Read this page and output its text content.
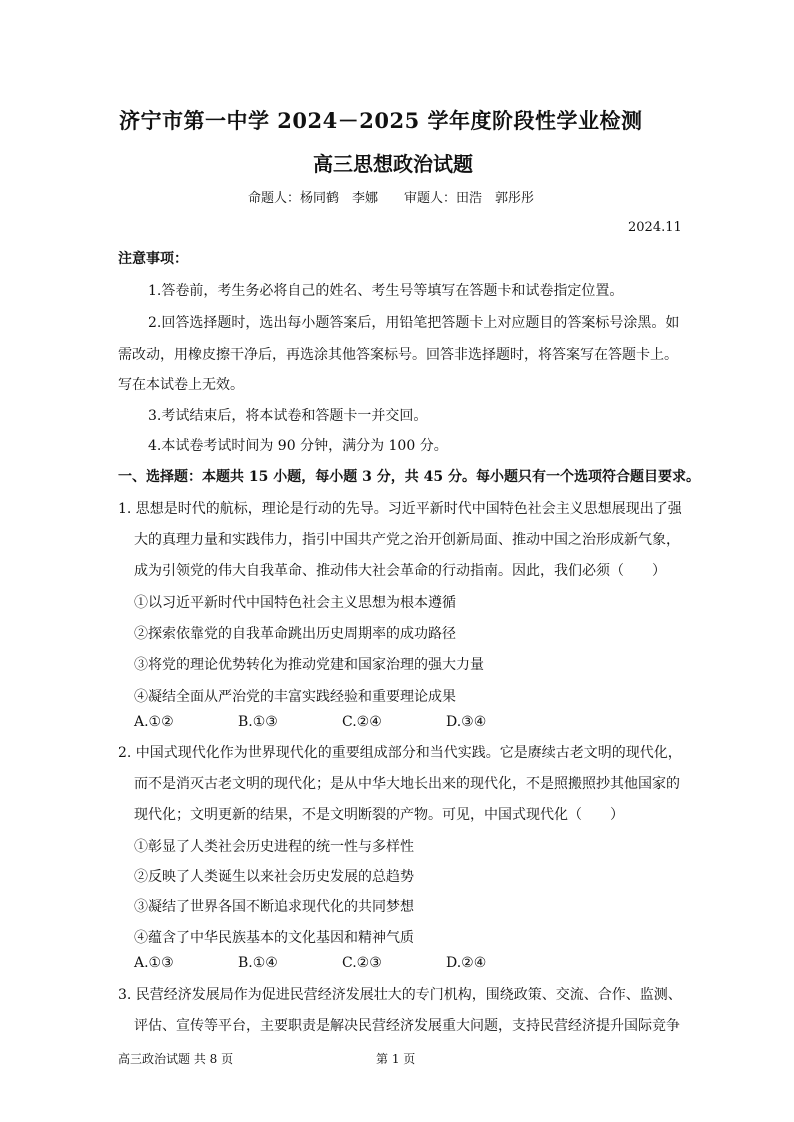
济宁市第一中学 2024－2025 学年度阶段性学业检测
高三思想政治试题
命题人：杨同鹤　李娜　　审题人：田浩　郭彤彤
2024.11
注意事项：
1.答卷前，考生务必将自己的姓名、考生号等填写在答题卡和试卷指定位置。
2.回答选择题时，选出每小题答案后，用铅笔把答题卡上对应题目的答案标号涂黑。如
需改动，用橡皮擦干净后，再选涂其他答案标号。回答非选择题时，将答案写在答题卡上。
写在本试卷上无效。
3.考试结束后，将本试卷和答题卡一并交回。
4.本试卷考试时间为 90 分钟，满分为 100 分。
一、选择题：本题共 15 小题，每小题 3 分，共 45 分。每小题只有一个选项符合题目要求。
1. 思想是时代的航标，理论是行动的先导。习近平新时代中国特色社会主义思想展现出了强
大的真理力量和实践伟力，指引中国共产党之治开创新局面、推动中国之治形成新气象，
成为引领党的伟大自我革命、推动伟大社会革命的行动指南。因此，我们必须（　　）
①以习近平新时代中国特色社会主义思想为根本遵循
②探索依靠党的自我革命跳出历史周期率的成功路径
③将党的理论优势转化为推动党建和国家治理的强大力量
④凝结全面从严治党的丰富实践经验和重要理论成果
A.①②	B.①③	C.②④	D.③④
2. 中国式现代化作为世界现代化的重要组成部分和当代实践。它是赓续古老文明的现代化，
而不是消灭古老文明的现代化；是从中华大地长出来的现代化，不是照搬照抄其他国家的
现代化；文明更新的结果，不是文明断裂的产物。可见，中国式现代化（　　）
①彰显了人类社会历史进程的统一性与多样性
②反映了人类诞生以来社会历史发展的总趋势
③凝结了世界各国不断追求现代化的共同梦想
④蕴含了中华民族基本的文化基因和精神气质
A.①③	B.①④	C.②③	D.②④
3. 民营经济发展局作为促进民营经济发展壮大的专门机构，围绕政策、交流、合作、监测、
评估、宣传等平台，主要职责是解决民营经济发展重大问题，支持民营经济提升国际竞争
高三政治试题 共 8 页	第 1 页
